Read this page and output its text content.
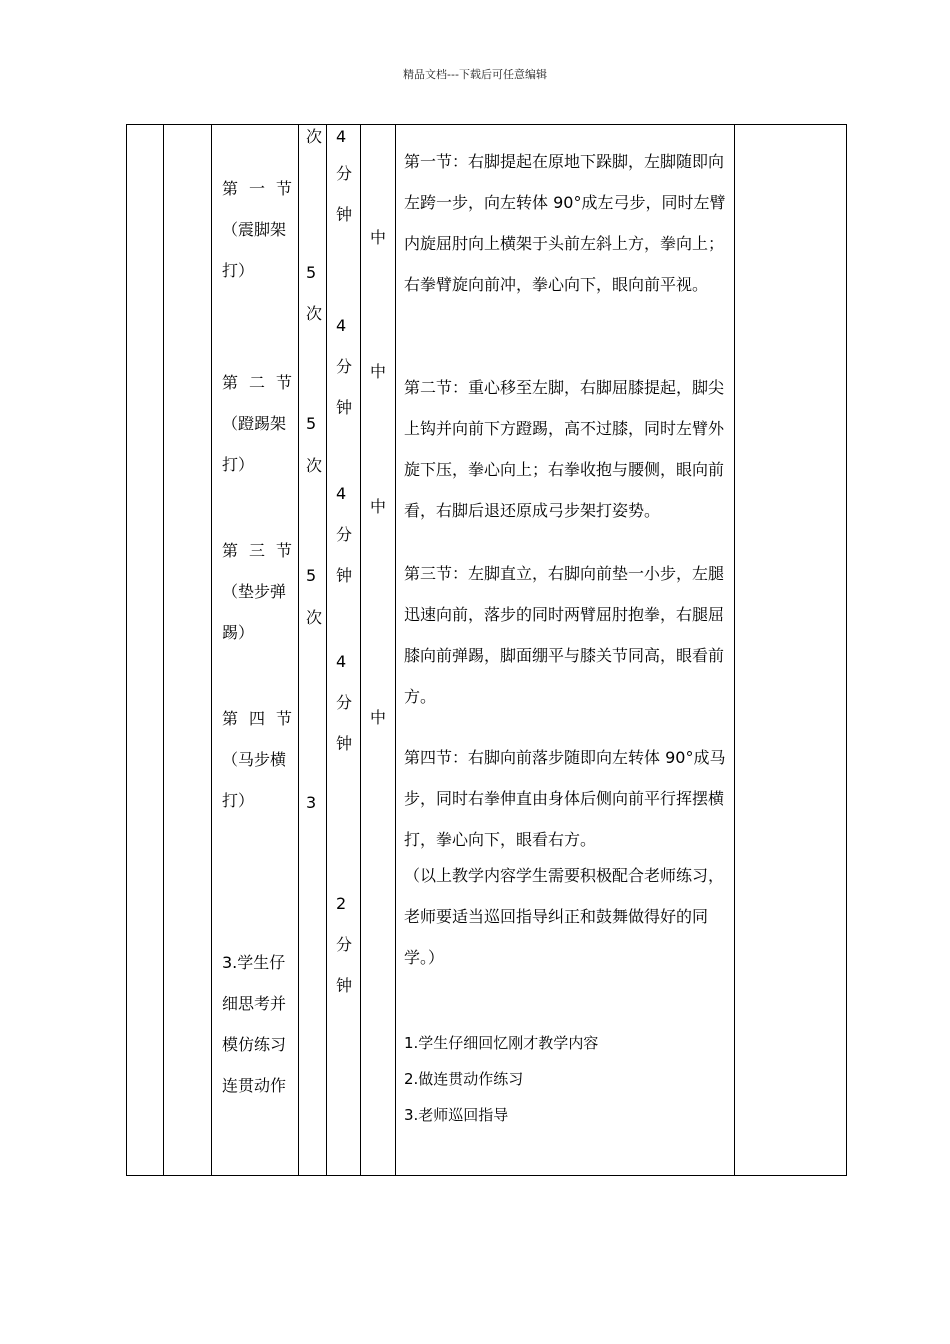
精品文档---下载后可任意编辑
第 一 节
（震脚架
打）
第 二 节
（蹬踢架
打）
第 三 节
（垫步弹
踢）
第 四 节
（马步横
打）
3.学生仔
细思考并
模仿练习
连贯动作
次
5
次
5
次
5
次
3
4
分
钟
4
分
钟
4
分
钟
4
分
钟
2
分
钟
中
中
中
中
第一节：右脚提起在原地下跺脚，左脚随即向左跨一步，向左转体 90°成左弓步，同时左臂内旋屈肘向上横架于头前左斜上方，拳向上；右拳臂旋向前冲，拳心向下，眼向前平视。
第二节：重心移至左脚，右脚屈膝提起，脚尖上钩并向前下方蹬踢，高不过膝，同时左臂外旋下压，拳心向上；右拳收抱与腰侧，眼向前看，右脚后退还原成弓步架打姿势。
第三节：左脚直立，右脚向前垫一小步，左腿迅速向前，落步的同时两臂屈肘抱拳，右腿屈膝向前弹踢，脚面绷平与膝关节同高，眼看前方。
第四节：右脚向前落步随即向左转体 90°成马步，同时右拳伸直由身体后侧向前平行挥摆横打，拳心向下，眼看右方。
（以上教学内容学生需要积极配合老师练习，老师要适当巡回指导纠正和鼓舞做得好的同学。）
1.学生仔细回忆刚才教学内容
2.做连贯动作练习
3.老师巡回指导
